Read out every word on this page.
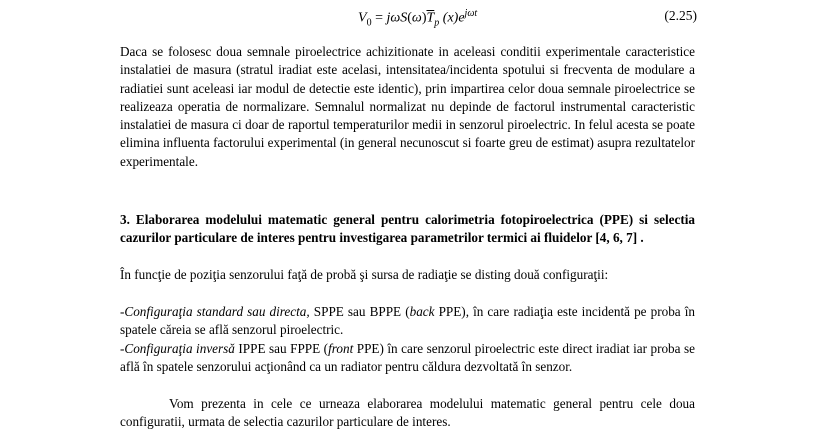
$V_0 = j\omega S(\omega)\overline{T}_p$ $(x)e^{j\omega t}$	(2.25)

Daca se folosesc doua semnale piroelectrice achizitionate in aceleasi conditii experimentale caracteristice instalatiei de masura (stratul iradiat este acelasi, intensitatea/incidenta spotului si frecventa de modulare a radiatiei sunt aceleasi iar modul de detectie este identic), prin impartirea celor doua semnale piroelectrice se realizeaza operatia de normalizare. Semnalul normalizat nu depinde de factorul instrumental caracteristic instalatiei de masura ci doar de raportul temperaturilor medii in senzorul piroelectric. In felul acesta se poate elimina influenta factorului experimental (in general necunoscut si foarte greu de estimat) asupra rezultatelor experimentale.

3. Elaborarea modelului matematic general pentru calorimetria fotopiroelectrica (PPE) si selectia cazurilor particulare de interes pentru investigarea parametrilor termici ai fluidelor [4, 6, 7] .

În funcţie de poziţia senzorului faţă de probă şi sursa de radiaţie se disting două configuraţii:

-Configuraţia standard sau directa, SPPE sau BPPE (back PPE), în care radiaţia este incidentă pe proba în spatele căreia se află senzorul piroelectric.

-Configuraţia inversă IPPE sau FPPE (front PPE) în care senzorul piroelectric este direct iradiat iar proba se află în spatele senzorului acţionând ca un radiator pentru căldura dezvoltată în senzor.

Vom prezenta in cele ce urneaza elaborarea modelului matematic general pentru cele doua configuratii, urmata de selectia cazurilor particulare de interes.
